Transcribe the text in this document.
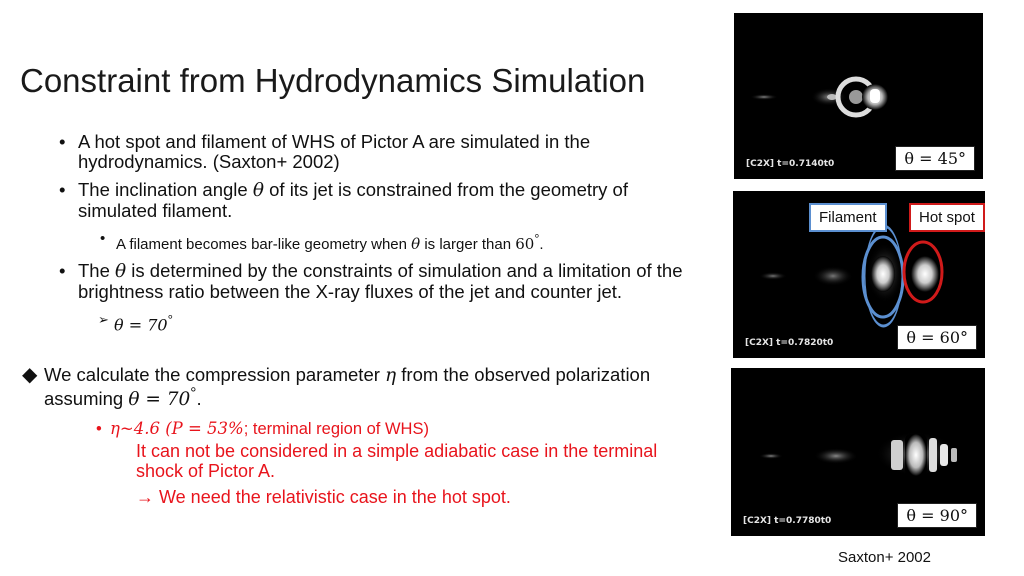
Constraint from Hydrodynamics Simulation
• A hot spot and filament of WHS of Pictor A are simulated in the hydrodynamics. (Saxton+ 2002)
• The inclination angle θ of its jet is constrained from the geometry of simulated filament.
• A filament becomes bar-like geometry when θ is larger than 60°.
• The θ is determined by the constraints of simulation and a limitation of the brightness ratio between the X-ray fluxes of the jet and counter jet.
➢ θ = 70°
◆ We calculate the compression parameter η from the observed polarization assuming θ = 70°.
• η~4.6 (P = 53%; terminal region of WHS)
It can not be considered in a simple adiabatic case in the terminal shock of Pictor A.
→ We need the relativistic case in the hot spot.
[C2X] t=0.7140t0	θ = 45°
[C2X] t=0.7820t0	θ = 60°
Filament	Hot spot
[C2X] t=0.7780t0	θ = 90°
Saxton+ 2002
